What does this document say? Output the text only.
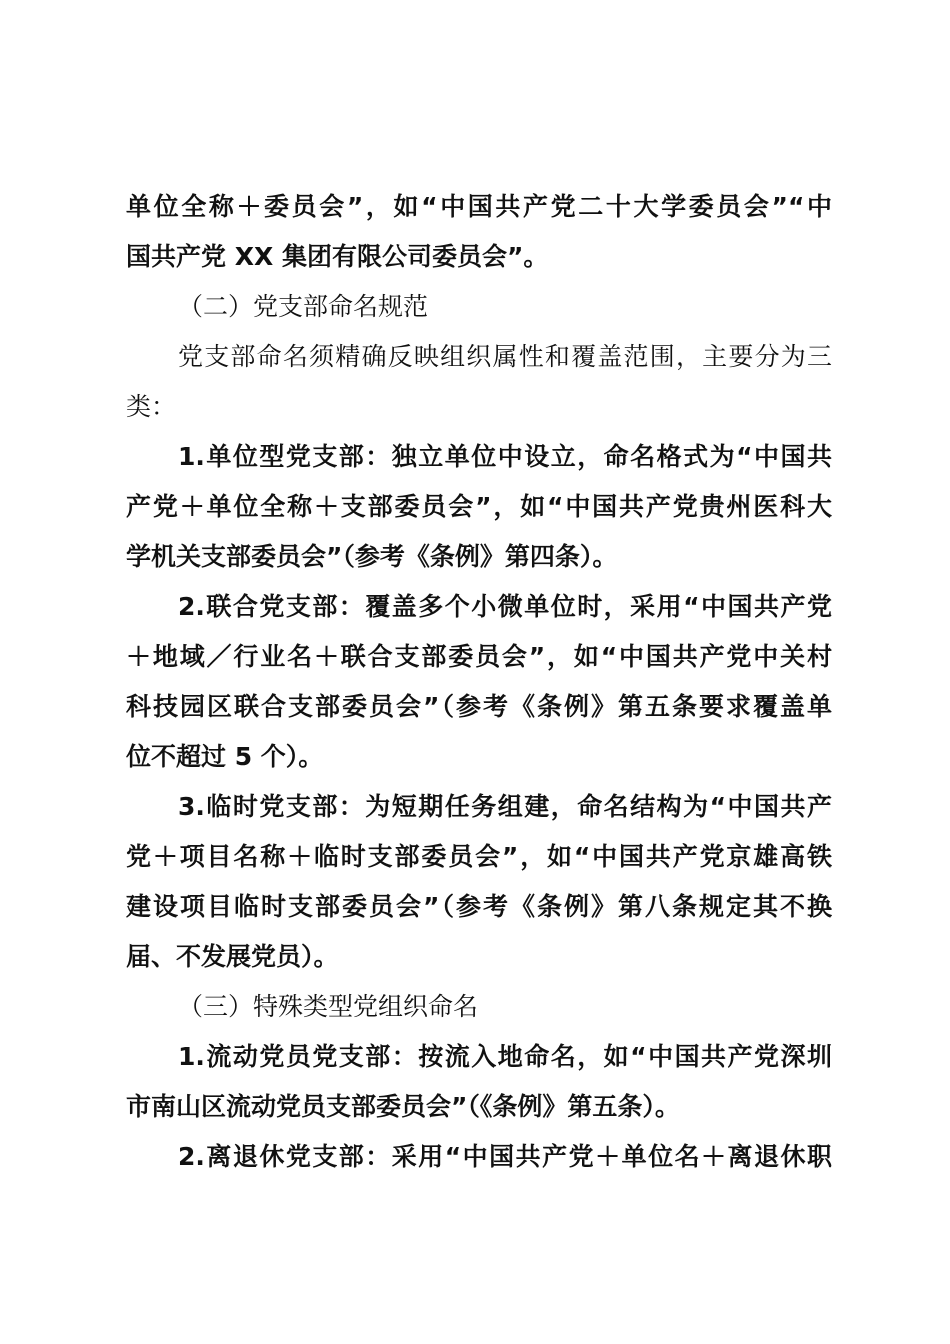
单位全称＋委员会”，如“中国共产党二十大学委员会”“中
国共产党 XX 集团有限公司委员会”。
（二）党支部命名规范
党支部命名须精确反映组织属性和覆盖范围，主要分为三
类：
1.单位型党支部：独立单位中设立，命名格式为“中国共
产党＋单位全称＋支部委员会”，如“中国共产党贵州医科大
学机关支部委员会”（参考《条例》第四条）。
2.联合党支部：覆盖多个小微单位时，采用“中国共产党
＋地域／行业名＋联合支部委员会”，如“中国共产党中关村
科技园区联合支部委员会”（参考《条例》第五条要求覆盖单
位不超过 5 个）。
3.临时党支部：为短期任务组建，命名结构为“中国共产
党＋项目名称＋临时支部委员会”，如“中国共产党京雄高铁
建设项目临时支部委员会”（参考《条例》第八条规定其不换
届、不发展党员）。
（三）特殊类型党组织命名
1.流动党员党支部：按流入地命名，如“中国共产党深圳
市南山区流动党员支部委员会”（《条例》第五条）。
2.离退休党支部：采用“中国共产党＋单位名＋离退休职
